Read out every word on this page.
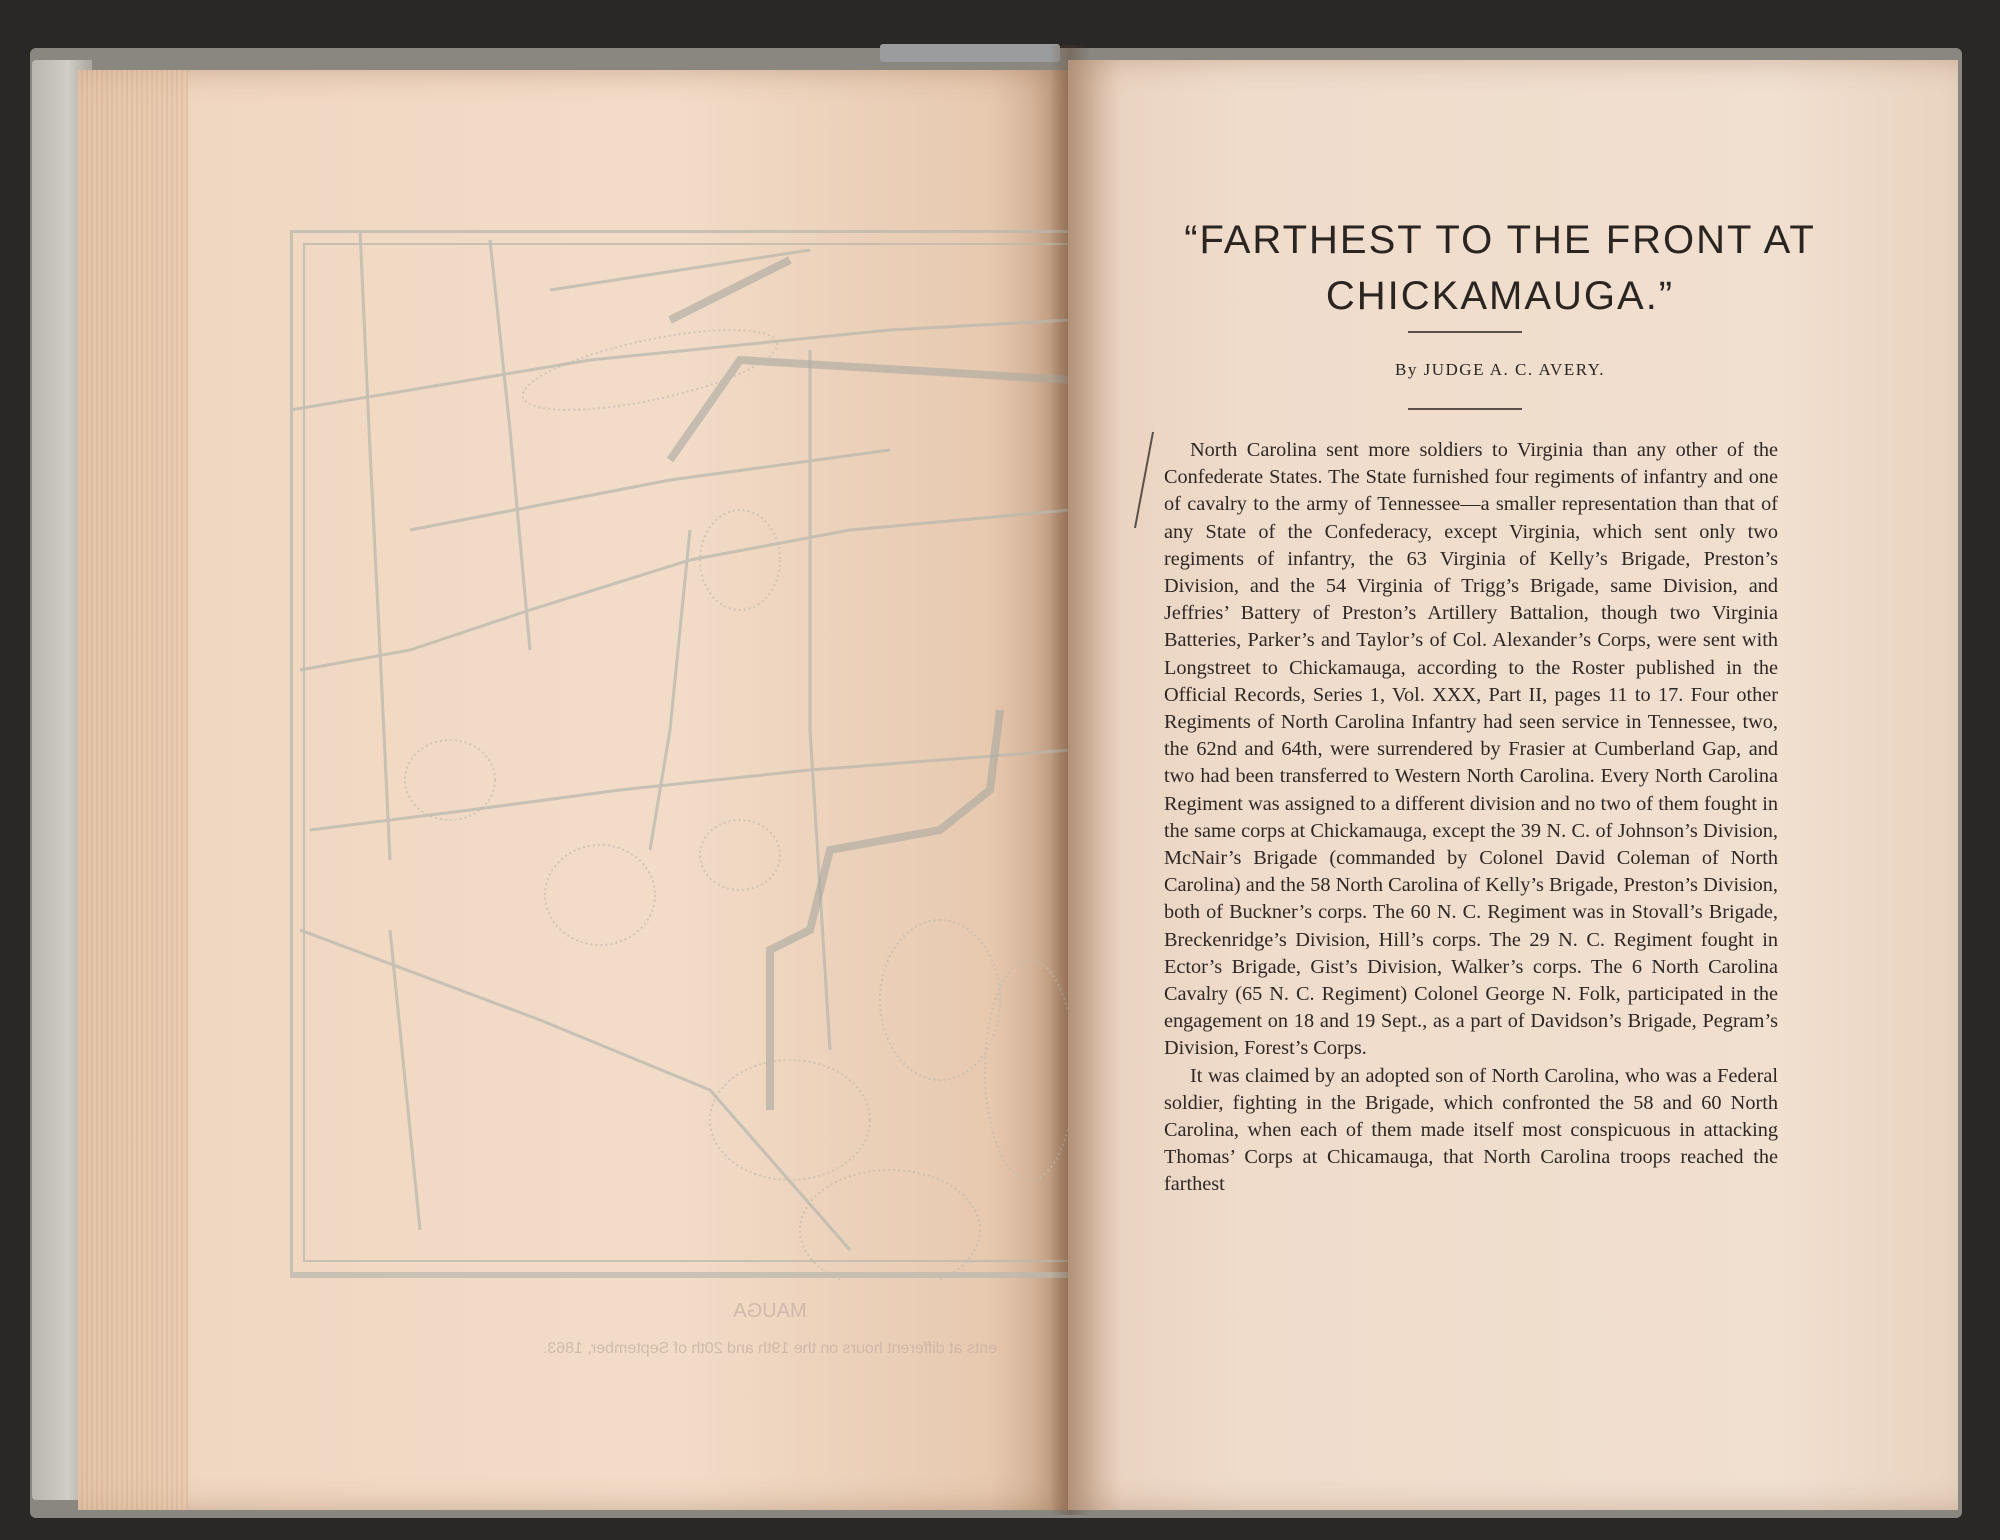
MAUGA
ents at different hours on the 19th and 20th of September, 1863.
“FARTHEST TO THE FRONT AT
CHICKAMAUGA.”
By JUDGE A. C. AVERY.

North Carolina sent more soldiers to Virginia than any other of the Confederate States. The State furnished four regiments of infantry and one of cavalry to the army of Tennessee—a smaller representation than that of any State of the Confederacy, except Virginia, which sent only two regiments of infantry, the 63 Virginia of Kelly’s Brigade, Preston’s Division, and the 54 Virginia of Trigg’s Brigade, same Division, and Jeffries’ Battery of Preston’s Artillery Battalion, though two Virginia Batteries, Parker’s and Taylor’s of Col. Alexander’s Corps, were sent with Longstreet to Chickamauga, according to the Roster published in the Official Records, Series 1, Vol. XXX, Part II, pages 11 to 17. Four other Regiments of North Carolina Infantry had seen service in Tennessee, two, the 62nd and 64th, were surrendered by Frasier at Cumberland Gap, and two had been transferred to Western North Carolina. Every North Carolina Regiment was assigned to a different division and no two of them fought in the same corps at Chickamauga, except the 39 N. C. of Johnson’s Division, McNair’s Brigade (commanded by Colonel David Coleman of North Carolina) and the 58 North Carolina of Kelly’s Brigade, Preston’s Division, both of Buckner’s corps. The 60 N. C. Regiment was in Stovall’s Brigade, Breckenridge’s Division, Hill’s corps. The 29 N. C. Regiment fought in Ector’s Brigade, Gist’s Division, Walker’s corps. The 6 North Carolina Cavalry (65 N. C. Regiment) Colonel George N. Folk, participated in the engagement on 18 and 19 Sept., as a part of Davidson’s Brigade, Pegram’s Division, Forest’s Corps.

It was claimed by an adopted son of North Carolina, who was a Federal soldier, fighting in the Brigade, which confronted the 58 and 60 North Carolina, when each of them made itself most conspicuous in attacking Thomas’ Corps at Chicamauga, that North Carolina troops reached the farthest
